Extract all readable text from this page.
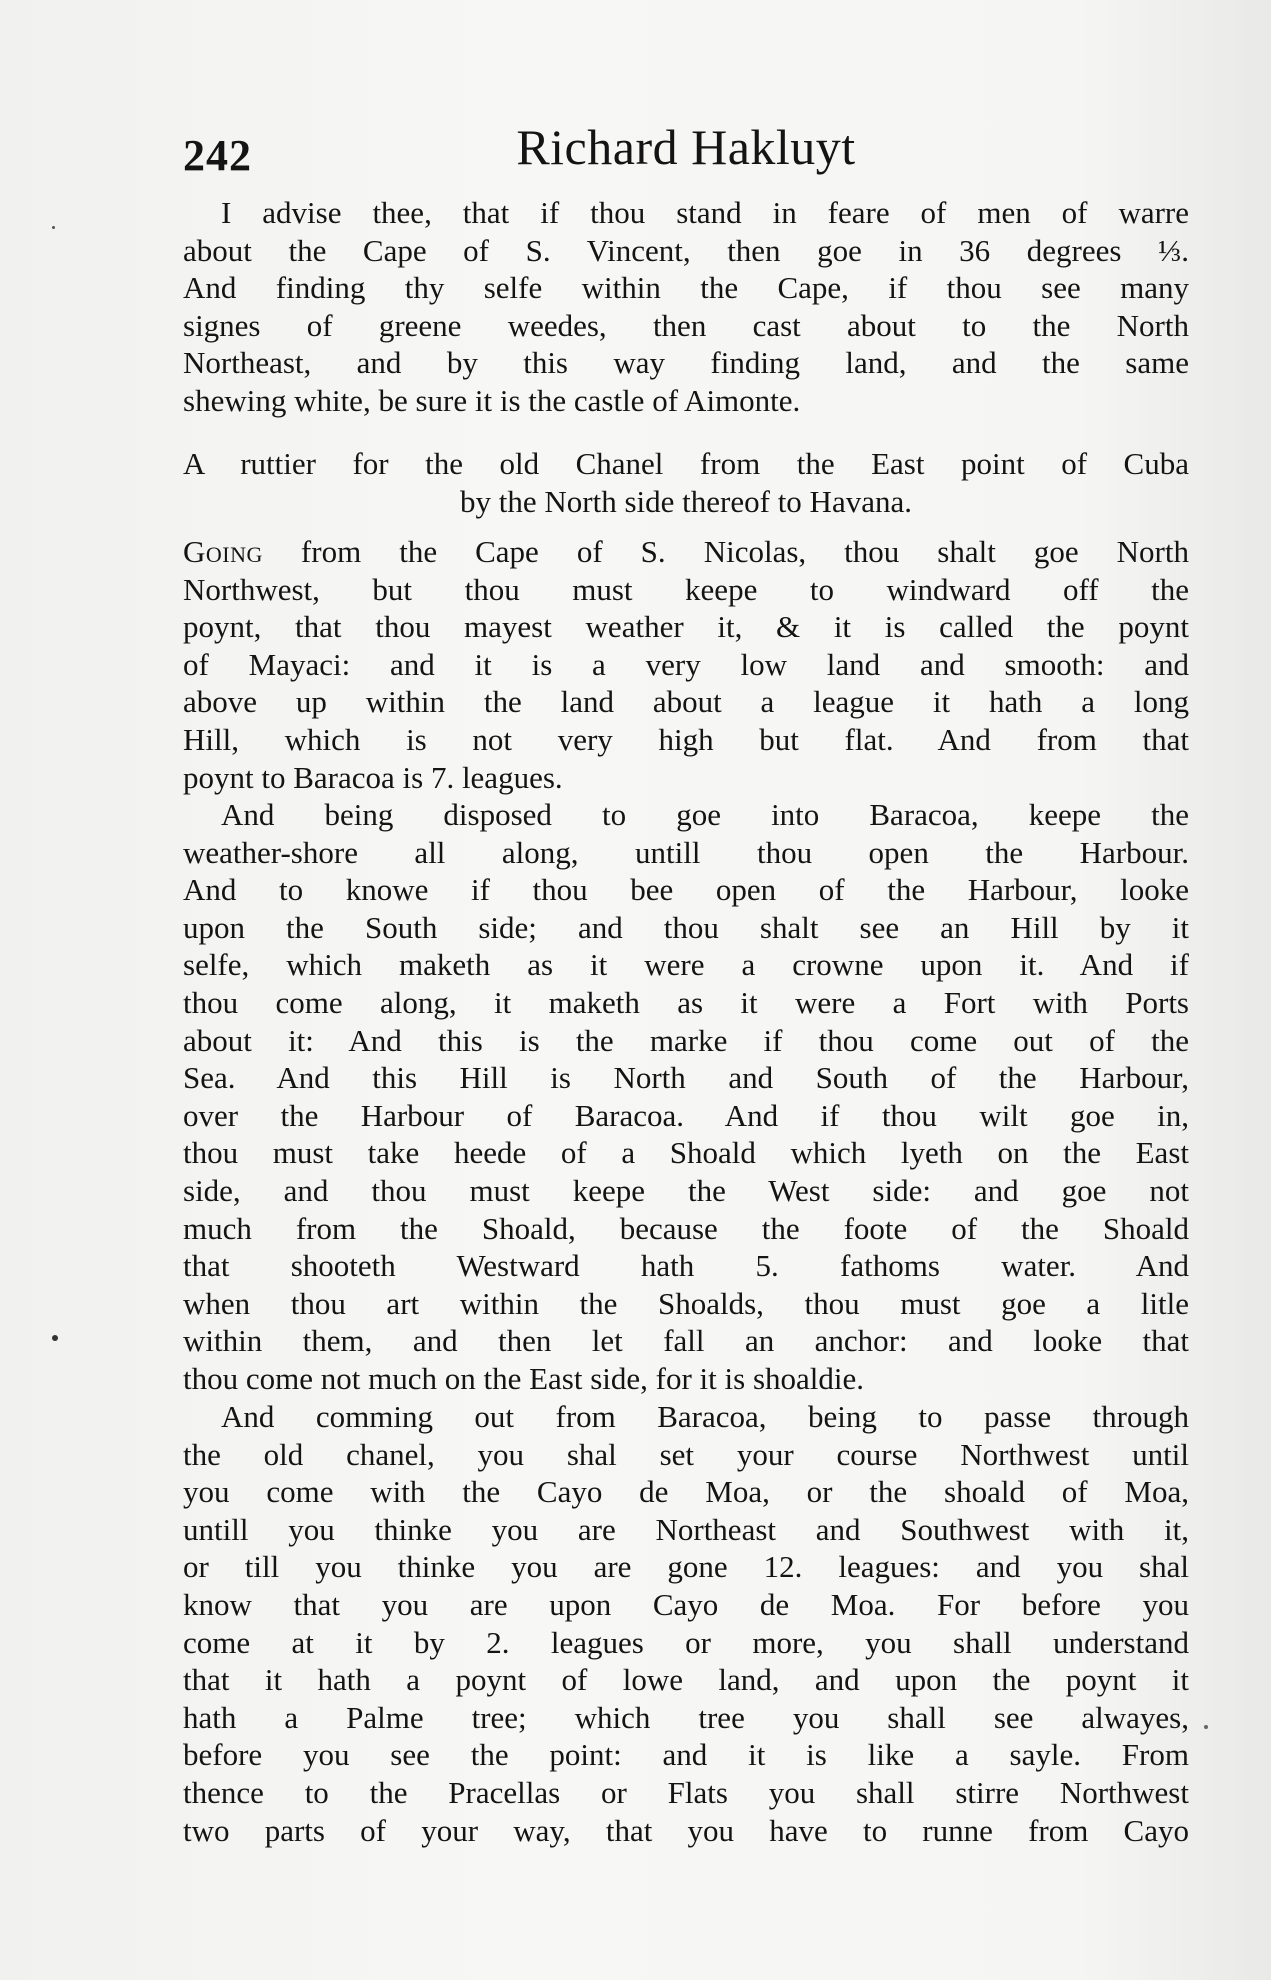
242	Richard Hakluyt
I advise thee, that if thou stand in feare of men of warre
about the Cape of S. Vincent, then goe in 36 degrees ⅓.
And finding thy selfe within the Cape, if thou see many
signes of greene weedes, then cast about to the North
Northeast, and by this way finding land, and the same
shewing white, be sure it is the castle of Aimonte.
A ruttier for the old Chanel from the East point of Cuba
by the North side thereof to Havana.
Going from the Cape of S. Nicolas, thou shalt goe North
Northwest, but thou must keepe to windward off the
poynt, that thou mayest weather it, & it is called the poynt
of Mayaci: and it is a very low land and smooth: and
above up within the land about a league it hath a long
Hill, which is not very high but flat. And from that
poynt to Baracoa is 7. leagues.
And being disposed to goe into Baracoa, keepe the
weather-shore all along, untill thou open the Harbour.
And to knowe if thou bee open of the Harbour, looke
upon the South side; and thou shalt see an Hill by it
selfe, which maketh as it were a crowne upon it. And if
thou come along, it maketh as it were a Fort with Ports
about it: And this is the marke if thou come out of the
Sea. And this Hill is North and South of the Harbour,
over the Harbour of Baracoa. And if thou wilt goe in,
thou must take heede of a Shoald which lyeth on the East
side, and thou must keepe the West side: and goe not
much from the Shoald, because the foote of the Shoald
that shooteth Westward hath 5. fathoms water. And
when thou art within the Shoalds, thou must goe a litle
within them, and then let fall an anchor: and looke that
thou come not much on the East side, for it is shoaldie.
And comming out from Baracoa, being to passe through
the old chanel, you shal set your course Northwest until
you come with the Cayo de Moa, or the shoald of Moa,
untill you thinke you are Northeast and Southwest with it,
or till you thinke you are gone 12. leagues: and you shal
know that you are upon Cayo de Moa. For before you
come at it by 2. leagues or more, you shall understand
that it hath a poynt of lowe land, and upon the poynt it
hath a Palme tree; which tree you shall see alwayes,
before you see the point: and it is like a sayle. From
thence to the Pracellas or Flats you shall stirre Northwest
two parts of your way, that you have to runne from Cayo
